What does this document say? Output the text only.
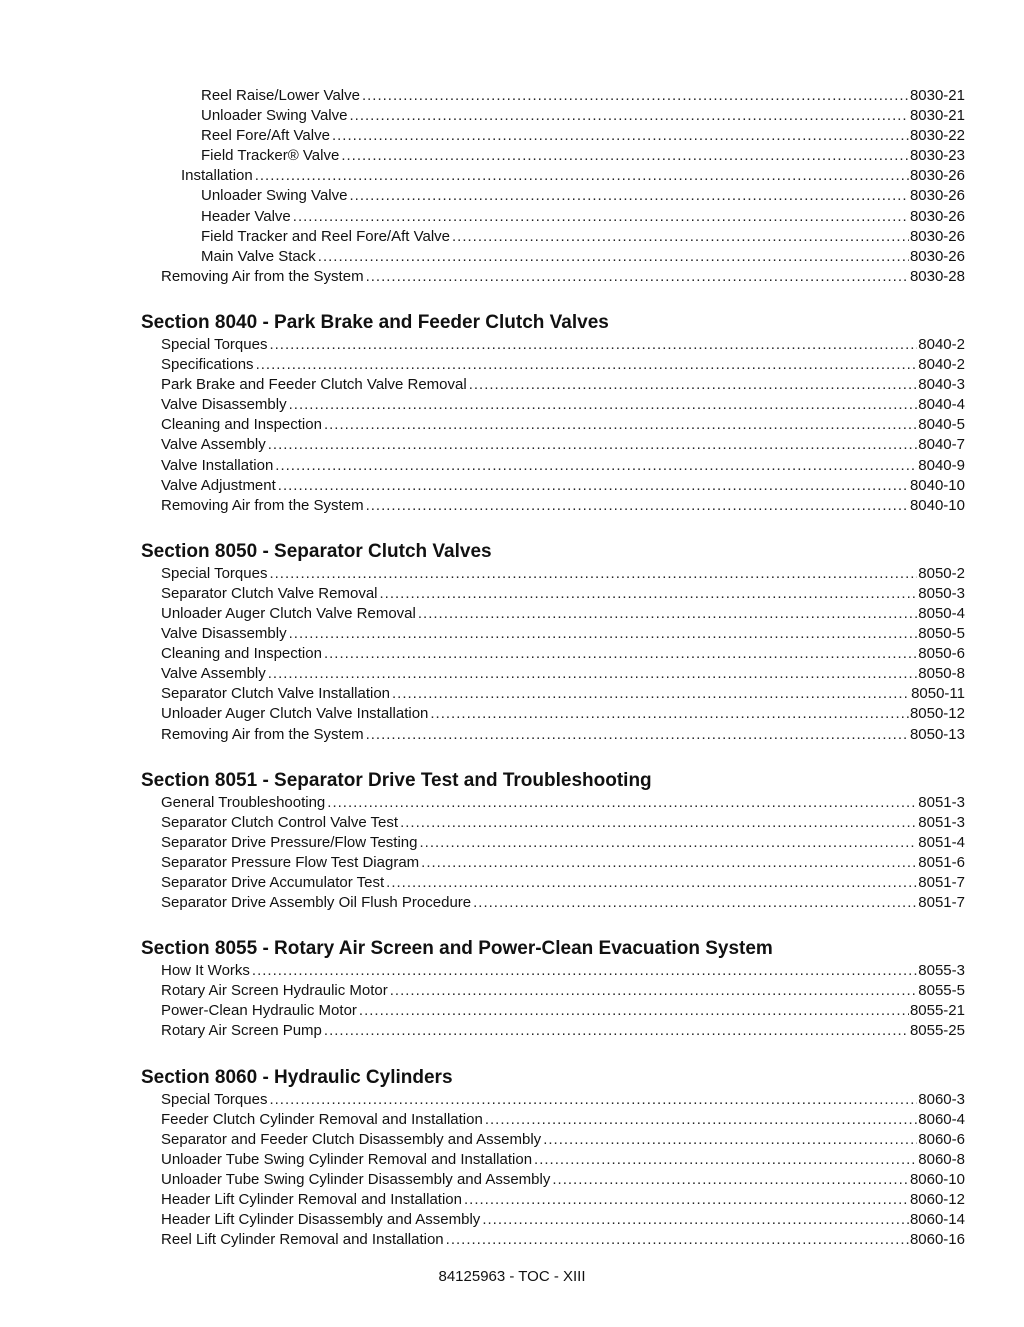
Reel Raise/Lower Valve .....	8030-21
Unloader Swing Valve .....	8030-21
Reel Fore/Aft Valve .....	8030-22
Field Tracker® Valve .....	8030-23
Installation .....	8030-26
Unloader Swing Valve .....	8030-26
Header Valve .....	8030-26
Field Tracker and Reel Fore/Aft Valve .....	8030-26
Main Valve Stack .....	8030-26
Removing Air from the System .....	8030-28
Section 8040 - Park Brake and Feeder Clutch Valves
Special Torques .....	8040-2
Specifications .....	8040-2
Park Brake and Feeder Clutch Valve Removal .....	8040-3
Valve Disassembly .....	8040-4
Cleaning and Inspection .....	8040-5
Valve Assembly .....	8040-7
Valve Installation .....	8040-9
Valve Adjustment .....	8040-10
Removing Air from the System .....	8040-10
Section 8050 - Separator Clutch Valves
Special Torques .....	8050-2
Separator Clutch Valve Removal .....	8050-3
Unloader Auger Clutch Valve Removal .....	8050-4
Valve Disassembly .....	8050-5
Cleaning and Inspection .....	8050-6
Valve Assembly .....	8050-8
Separator Clutch Valve Installation .....	8050-11
Unloader Auger Clutch Valve Installation .....	8050-12
Removing Air from the System .....	8050-13
Section 8051 - Separator Drive Test and Troubleshooting
General Troubleshooting .....	8051-3
Separator Clutch Control Valve Test .....	8051-3
Separator Drive Pressure/Flow Testing .....	8051-4
Separator Pressure Flow Test Diagram .....	8051-6
Separator Drive Accumulator Test .....	8051-7
Separator Drive Assembly Oil Flush Procedure .....	8051-7
Section 8055 - Rotary Air Screen and Power-Clean Evacuation System
How It Works .....	8055-3
Rotary Air Screen Hydraulic Motor .....	8055-5
Power-Clean Hydraulic Motor .....	8055-21
Rotary Air Screen Pump .....	8055-25
Section 8060 - Hydraulic Cylinders
Special Torques .....	8060-3
Feeder Clutch Cylinder Removal and Installation .....	8060-4
Separator and Feeder Clutch Disassembly and Assembly .....	8060-6
Unloader Tube Swing Cylinder Removal and Installation .....	8060-8
Unloader Tube Swing Cylinder Disassembly and Assembly .....	8060-10
Header Lift Cylinder Removal and Installation .....	8060-12
Header Lift Cylinder Disassembly and Assembly .....	8060-14
Reel Lift Cylinder Removal and Installation .....	8060-16
84125963 - TOC - XIII
